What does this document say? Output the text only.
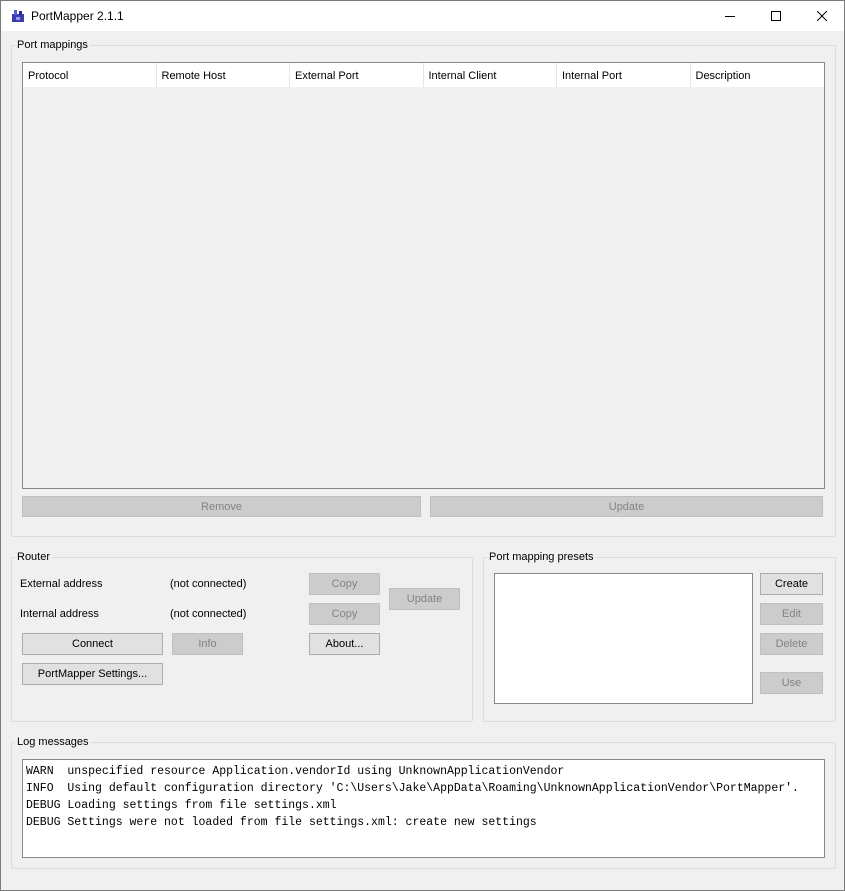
PortMapper 2.1.1
Port mappings
Protocol	Remote Host	External Port	Internal Client	Internal Port	Description
Remove	Update
Router
External address	(not connected)
Internal address	(not connected)
Copy
Copy
Update
Connect	Info	About...
PortMapper Settings...
Port mapping presets
Create
Edit
Delete
Use
Log messages
WARN  unspecified resource Application.vendorId using UnknownApplicationVendor
INFO  Using default configuration directory 'C:\Users\Jake\AppData\Roaming\UnknownApplicationVendor\PortMapper'.
DEBUG Loading settings from file settings.xml
DEBUG Settings were not loaded from file settings.xml: create new settings
